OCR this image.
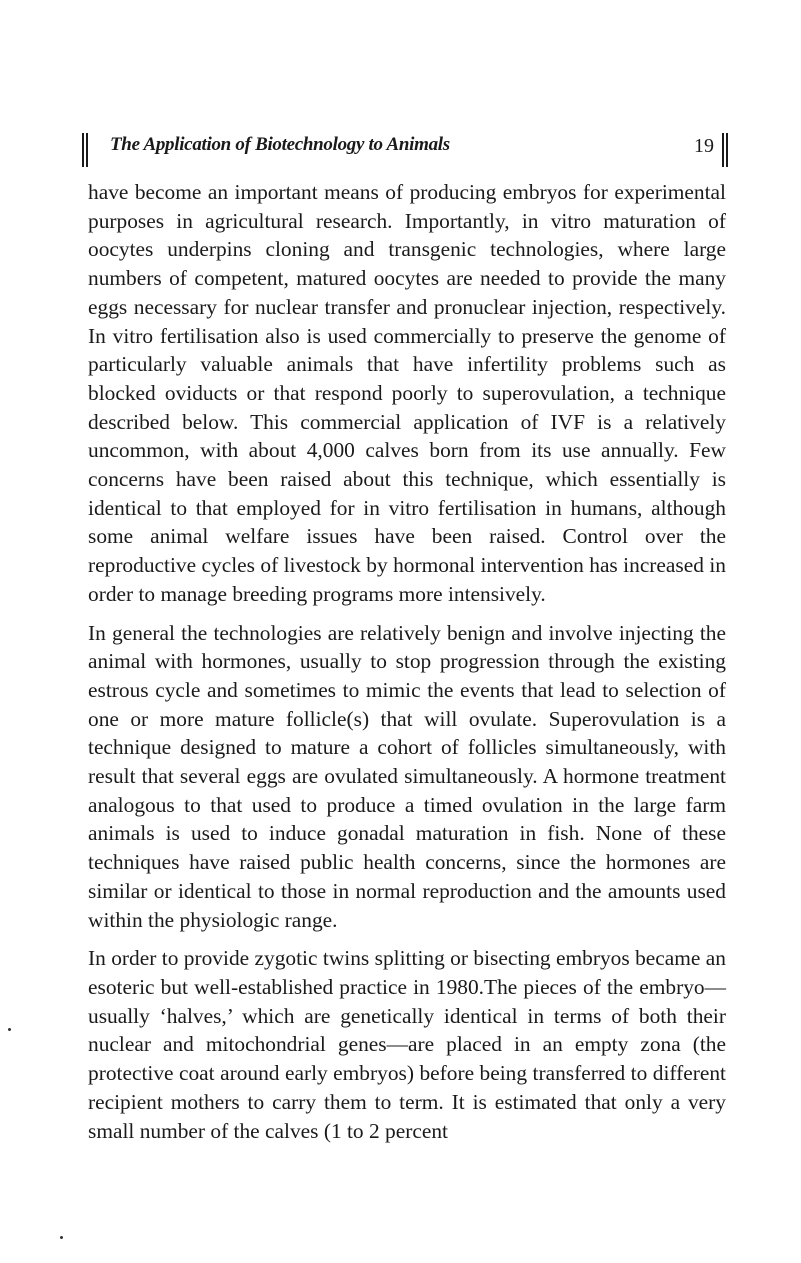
The Application of Biotechnology to Animals	19

have become an important means of producing embryos for experimental purposes in agricultural research. Importantly, in vitro maturation of oocytes underpins cloning and transgenic technologies, where large numbers of competent, matured oocytes are needed to provide the many eggs necessary for nuclear transfer and pronuclear injection, respectively. In vitro fertilisation also is used commercially to preserve the genome of particularly valuable animals that have infertility problems such as blocked oviducts or that respond poorly to superovulation, a technique described below. This commercial application of IVF is a relatively uncommon, with about 4,000 calves born from its use annually. Few concerns have been raised about this technique, which essentially is identical to that employed for in vitro fertilisation in humans, although some animal welfare issues have been raised. Control over the reproductive cycles of livestock by hormonal intervention has increased in order to manage breeding programs more intensively.

In general the technologies are relatively benign and involve injecting the animal with hormones, usually to stop progression through the existing estrous cycle and sometimes to mimic the events that lead to selection of one or more mature follicle(s) that will ovulate. Superovulation is a technique designed to mature a cohort of follicles simultaneously, with result that several eggs are ovulated simultaneously. A hormone treatment analogous to that used to produce a timed ovulation in the large farm animals is used to induce gonadal maturation in fish. None of these techniques have raised public health concerns, since the hormones are similar or identical to those in normal reproduction and the amounts used within the physiologic range.

In order to provide zygotic twins splitting or bisecting embryos became an esoteric but well-established practice in 1980.The pieces of the embryo—usually ‘halves,’ which are genetically identical in terms of both their nuclear and mitochondrial genes—are placed in an empty zona (the protective coat around early embryos) before being transferred to different recipient mothers to carry them to term. It is estimated that only a very small number of the calves (1 to 2 percent
